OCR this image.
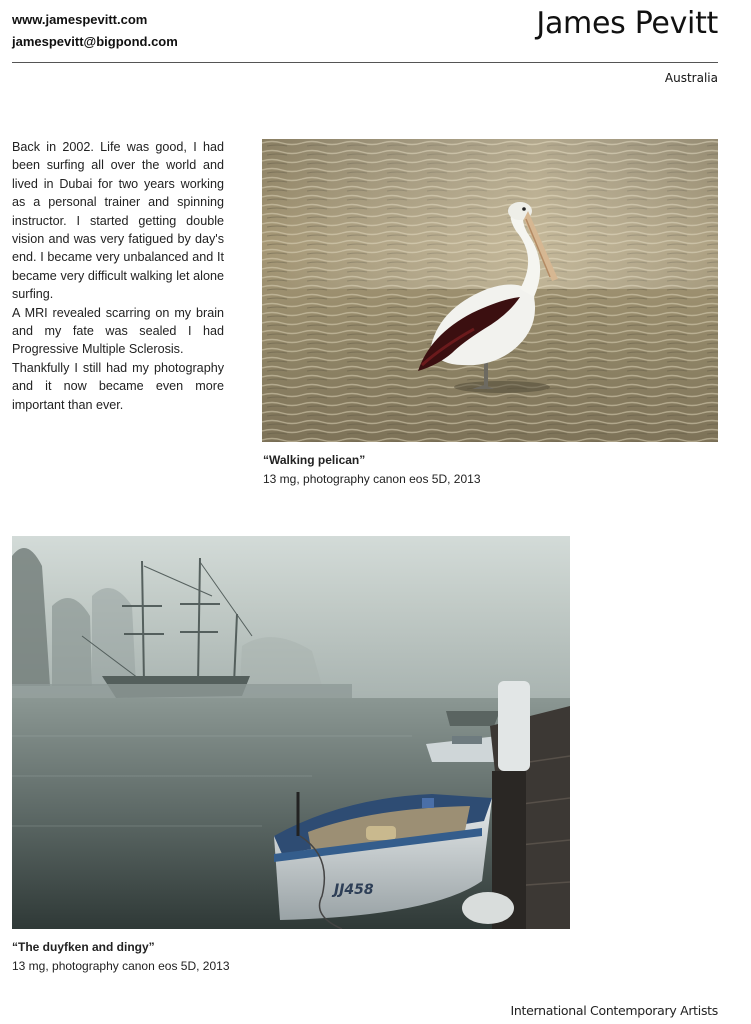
www.jamespevitt.com
jamespevitt@bigpond.com
James Pevitt
Australia

Back in 2002. Life was good, I had been surfing all over the world and lived in Dubai for two years working as a personal trainer and spinning instructor. I started getting double vision and was very fatigued by day's end. I became very unbalanced and It became very difficult walking let alone surfing.

A MRI revealed scarring on my brain and my fate was sealed I had Progressive Multiple Sclerosis.

Thankfully I still had my photography and it now became even more important than ever.

“Walking pelican”
13 mg, photography canon eos 5D, 2013
JJ458
“The duyfken and dingy”
13 mg, photography canon eos 5D, 2013
International Contemporary Artists
